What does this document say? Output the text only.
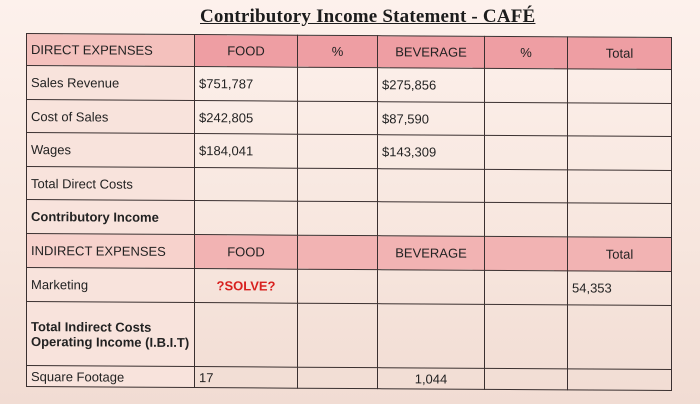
Contributory Income Statement - CAFÉ
DIRECT EXPENSES	FOOD	%	BEVERAGE	%	Total
Sales Revenue	$751,787		$275,856		
Cost of Sales	$242,805		$87,590		
Wages	$184,041		$143,309		
Total Direct Costs					
Contributory Income					
INDIRECT EXPENSES	FOOD		BEVERAGE		Total
Marketing	?SOLVE?				54,353

Total Indirect Costs
Operating Income (I.B.I.T)					

Square Footage	17		1,044		
